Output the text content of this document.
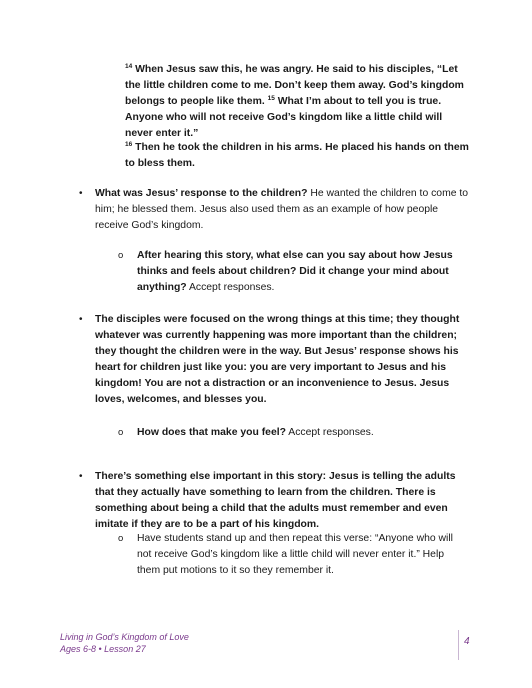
$^{14}$ When Jesus saw this, he was angry. He said to his disciples, “Let the little children come to me. Don’t keep them away. God’s kingdom belongs to people like them. $^{15}$ What I’m about to tell you is true. Anyone who will not receive God’s kingdom like a little child will never enter it.”
$^{16}$ Then he took the children in his arms. He placed his hands on them to bless them.
• What was Jesus’ response to the children? He wanted the children to come to him; he blessed them. Jesus also used them as an example of how people receive God’s kingdom.
o After hearing this story, what else can you say about how Jesus thinks and feels about children? Did it change your mind about anything? Accept responses.
• The disciples were focused on the wrong things at this time; they thought whatever was currently happening was more important than the children; they thought the children were in the way. But Jesus’ response shows his heart for children just like you: you are very important to Jesus and his kingdom! You are not a distraction or an inconvenience to Jesus. Jesus loves, welcomes, and blesses you.
o How does that make you feel? Accept responses.
• There’s something else important in this story: Jesus is telling the adults that they actually have something to learn from the children. There is something about being a child that the adults must remember and even imitate if they are to be a part of his kingdom.
o Have students stand up and then repeat this verse: “Anyone who will not receive God’s kingdom like a little child will never enter it.” Help them put motions to it so they remember it.
Living in God’s Kingdom of Love
Ages 6-8 • Lesson 27
4
